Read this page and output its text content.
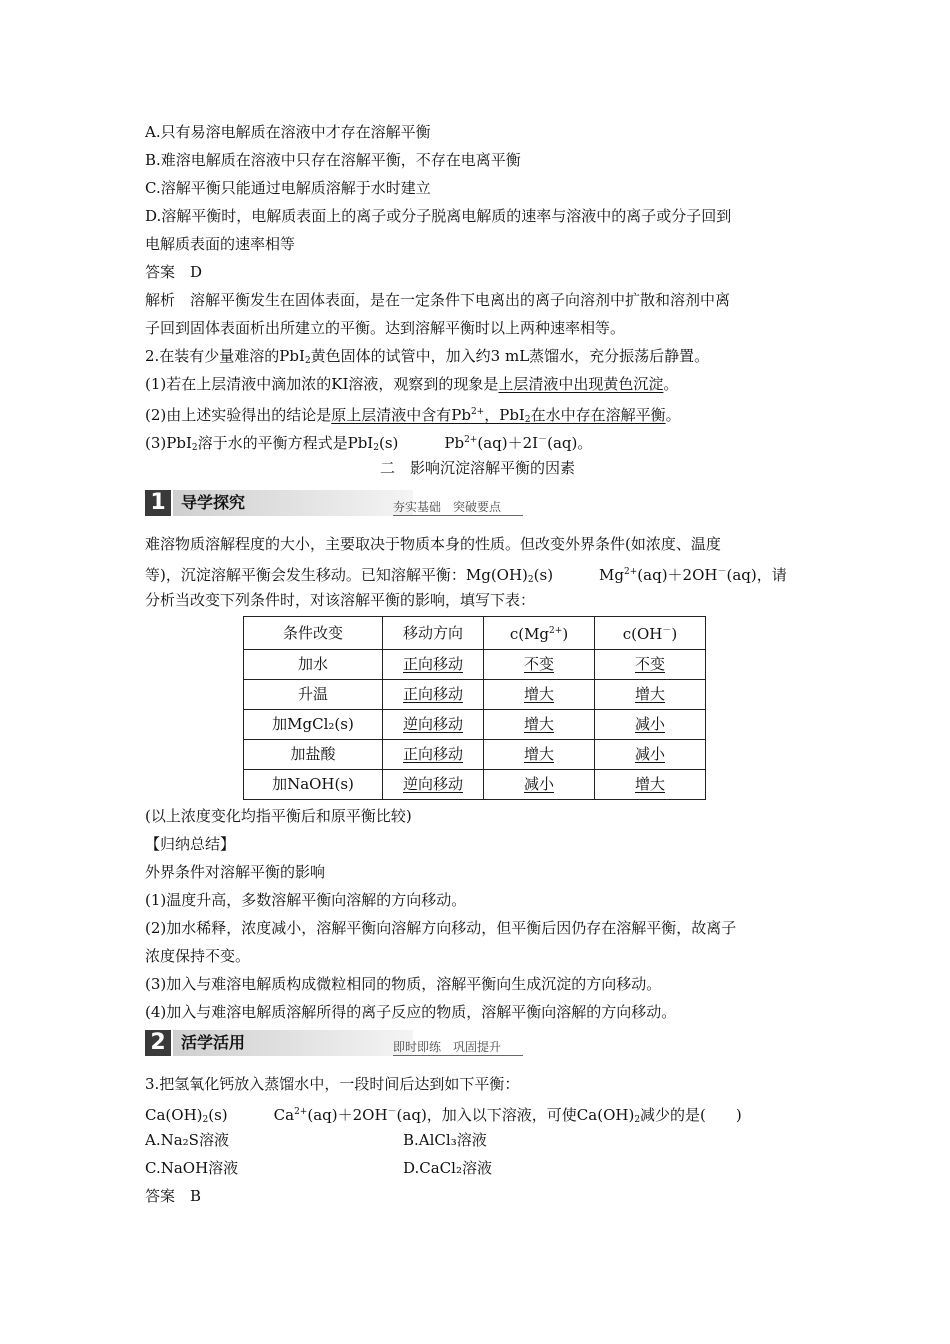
A.只有易溶电解质在溶液中才存在溶解平衡
B.难溶电解质在溶液中只存在溶解平衡，不存在电离平衡
C.溶解平衡只能通过电解质溶解于水时建立
D.溶解平衡时，电解质表面上的离子或分子脱离电解质的速率与溶液中的离子或分子回到
电解质表面的速率相等
答案　D
解析　溶解平衡发生在固体表面，是在一定条件下电离出的离子向溶剂中扩散和溶剂中离
子回到固体表面析出所建立的平衡。达到溶解平衡时以上两种速率相等。
2.在装有少量难溶的PbI$_2$黄色固体的试管中，加入约3 mL蒸馏水，充分振荡后静置。
(1)若在上层清液中滴加浓的KI溶液，观察到的现象是上层清液中出现黄色沉淀。
(2)由上述实验得出的结论是原上层清液中含有$Pb^{2+}$，PbI$_2$在水中存在溶解平衡。
(3)PbI$_2$溶于水的平衡方程式是PbI$_2$(s)	$Pb^{2+}(aq)+2I^-(aq)$。
二　影响沉淀溶解平衡的因素
1 导学探究	夯实基础　突破要点
难溶物质溶解程度的大小，主要取决于物质本身的性质。但改变外界条件(如浓度、温度
等)，沉淀溶解平衡会发生移动。已知溶解平衡：$Mg(OH)_2(s)$	$Mg^{2+}(aq)+2OH^-(aq)$，请
分析当改变下列条件时，对该溶解平衡的影响，填写下表：
条件改变	移动方向	$c(Mg^{2+})$	c(OH－)
加水	正向移动	不变	不变
升温	正向移动	增大	增大
加MgCl₂(s)	逆向移动	增大	减小
加盐酸	正向移动	增大	减小
加NaOH(s)	逆向移动	减小	增大
(以上浓度变化均指平衡后和原平衡比较)
【归纳总结】
外界条件对溶解平衡的影响
(1)温度升高，多数溶解平衡向溶解的方向移动。
(2)加水稀释，浓度减小，溶解平衡向溶解方向移动，但平衡后因仍存在溶解平衡，故离子
浓度保持不变。
(3)加入与难溶电解质构成微粒相同的物质，溶解平衡向生成沉淀的方向移动。
(4)加入与难溶电解质溶解所得的离子反应的物质，溶解平衡向溶解的方向移动。
2 活学活用	即时即练　巩固提升
3.把氢氧化钙放入蒸馏水中，一段时间后达到如下平衡：
$Ca(OH)_2(s)$	$Ca^{2+}(aq)+2OH^-(aq)$，加入以下溶液，可使$Ca(OH)_2$减少的是(　　)
A.Na₂S溶液	B.AlCl₃溶液
C.NaOH溶液	D.CaCl₂溶液
答案　B
